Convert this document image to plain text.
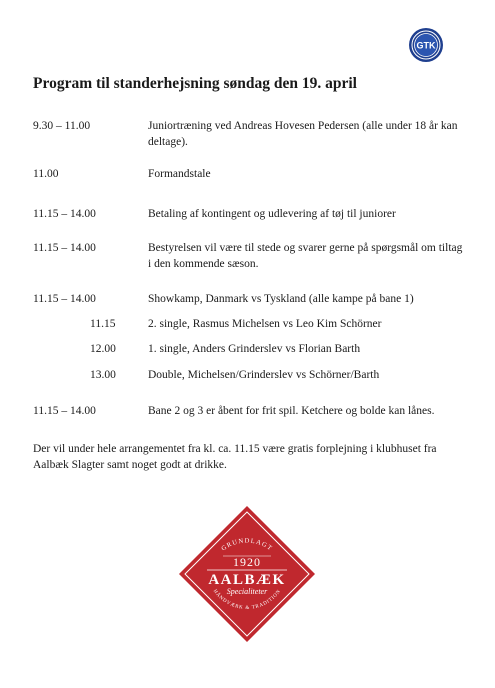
GTK
Program til standerhejsning søndag den 19. april
9.30 – 11.00	Juniortræning ved Andreas Hovesen Pedersen (alle under 18 år kan deltage).
11.00	Formandstale
11.15 – 14.00	Betaling af kontingent og udlevering af tøj til juniorer
11.15 – 14.00	Bestyrelsen vil være til stede og svarer gerne på spørgsmål om tiltag i den kommende sæson.
11.15 – 14.00	Showkamp, Danmark vs Tyskland (alle kampe på bane 1)
11.15	2. single, Rasmus Michelsen vs Leo Kim Schörner
12.00	1. single, Anders Grinderslev vs Florian Barth
13.00	Double, Michelsen/Grinderslev vs Schörner/Barth
11.15 – 14.00	Bane 2 og 3 er åbent for frit spil. Ketchere og bolde kan lånes.
Der vil under hele arrangementet fra kl. ca. 11.15 være gratis forplejning i klubhuset fra Aalbæk Slagter samt noget godt at drikke.
GRUNDLAGT
1920
AALBÆK
Specialiteter
HÅNDVÆRK & TRADITION
